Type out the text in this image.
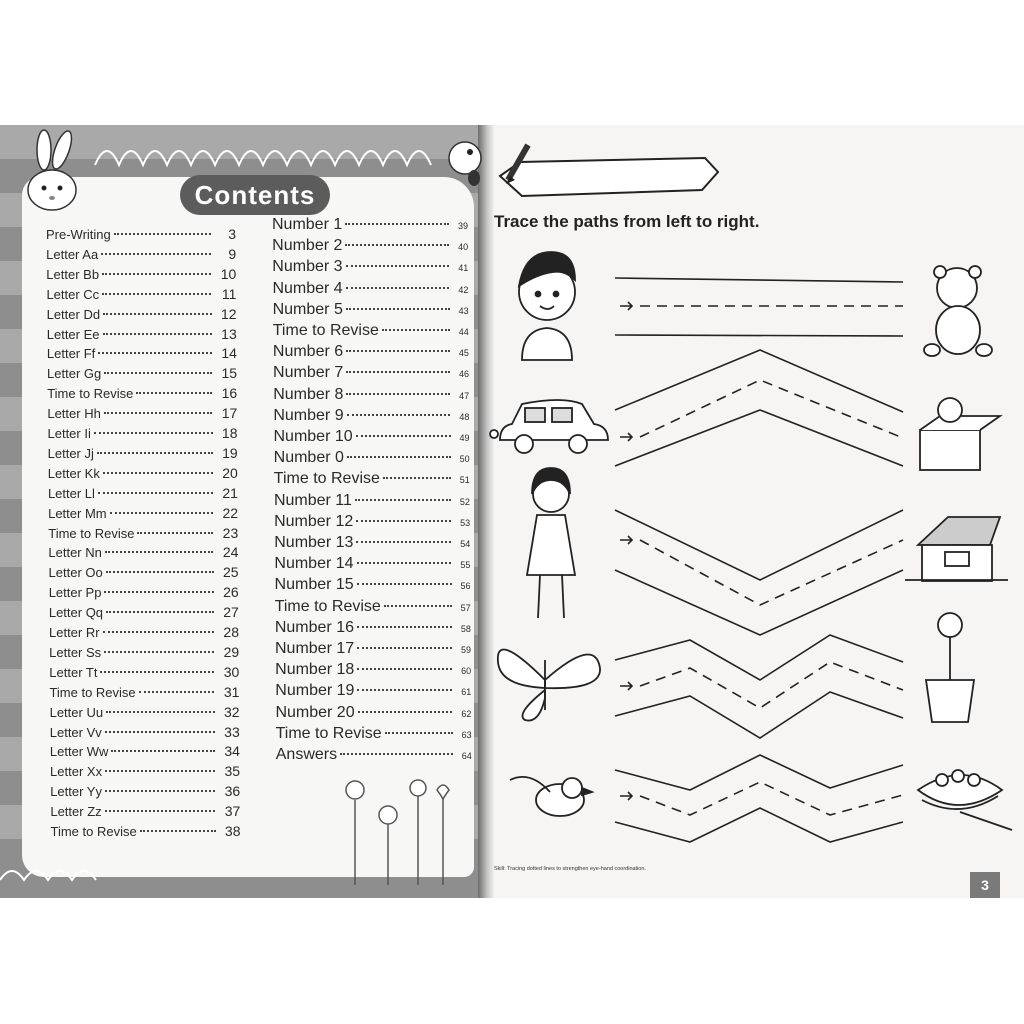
Contents
Pre-Writing	3
Letter Aa	9
Letter Bb	10
Letter Cc	11
Letter Dd	12
Letter Ee	13
Letter Ff	14
Letter Gg	15
Time to Revise	16
Letter Hh	17
Letter Ii	18
Letter Jj	19
Letter Kk	20
Letter Ll	21
Letter Mm	22
Time to Revise	23
Letter Nn	24
Letter Oo	25
Letter Pp	26
Letter Qq	27
Letter Rr	28
Letter Ss	29
Letter Tt	30
Time to Revise	31
Letter Uu	32
Letter Vv	33
Letter Ww	34
Letter Xx	35
Letter Yy	36
Letter Zz	37
Time to Revise	38
Number 1	39
Number 2	40
Number 3	41
Number 4	42
Number 5	43
Time to Revise	44
Number 6	45
Number 7	46
Number 8	47
Number 9	48
Number 10	49
Number 0	50
Time to Revise	51
Number 11	52
Number 12	53
Number 13	54
Number 14	55
Number 15	56
Time to Revise	57
Number 16	58
Number 17	59
Number 18	60
Number 19	61
Number 20	62
Time to Revise	63
Answers	64
Trace the paths from left to right.
Skill: Tracing dotted lines to strengthen eye-hand coordination.
3
